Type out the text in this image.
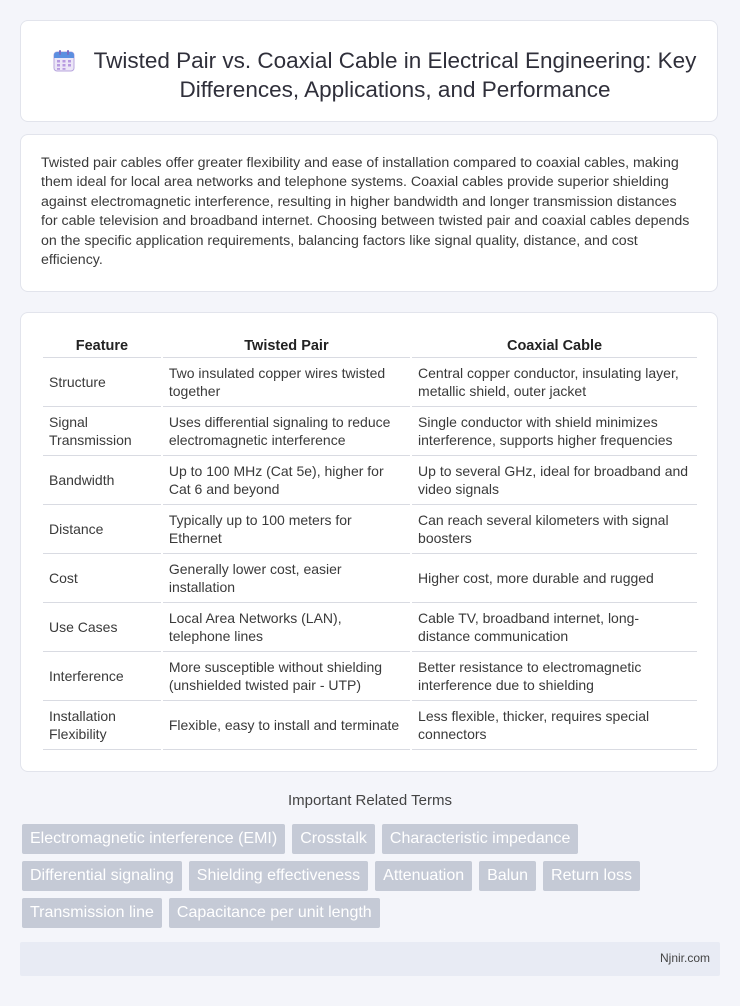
Twisted Pair vs. Coaxial Cable in Electrical Engineering: Key Differences, Applications, and Performance

Twisted pair cables offer greater flexibility and ease of installation compared to coaxial cables, making them ideal for local area networks and telephone systems. Coaxial cables provide superior shielding against electromagnetic interference, resulting in higher bandwidth and longer transmission distances for cable television and broadband internet. Choosing between twisted pair and coaxial cables depends on the specific application requirements, balancing factors like signal quality, distance, and cost efficiency.

Feature	Twisted Pair	Coaxial Cable
Structure	Two insulated copper wires twisted together	Central copper conductor, insulating layer, metallic shield, outer jacket
Signal Transmission	Uses differential signaling to reduce electromagnetic interference	Single conductor with shield minimizes interference, supports higher frequencies
Bandwidth	Up to 100 MHz (Cat 5e), higher for Cat 6 and beyond	Up to several GHz, ideal for broadband and video signals
Distance	Typically up to 100 meters for Ethernet	Can reach several kilometers with signal boosters
Cost	Generally lower cost, easier installation	Higher cost, more durable and rugged
Use Cases	Local Area Networks (LAN), telephone lines	Cable TV, broadband internet, long-distance communication
Interference	More susceptible without shielding (unshielded twisted pair - UTP)	Better resistance to electromagnetic interference due to shielding
Installation Flexibility	Flexible, easy to install and terminate	Less flexible, thicker, requires special connectors
Important Related Terms
Electromagnetic interference (EMI)	Crosstalk	Characteristic impedance
Differential signaling	Shielding effectiveness	Attenuation	Balun	Return loss
Transmission line	Capacitance per unit length
Njnir.com
